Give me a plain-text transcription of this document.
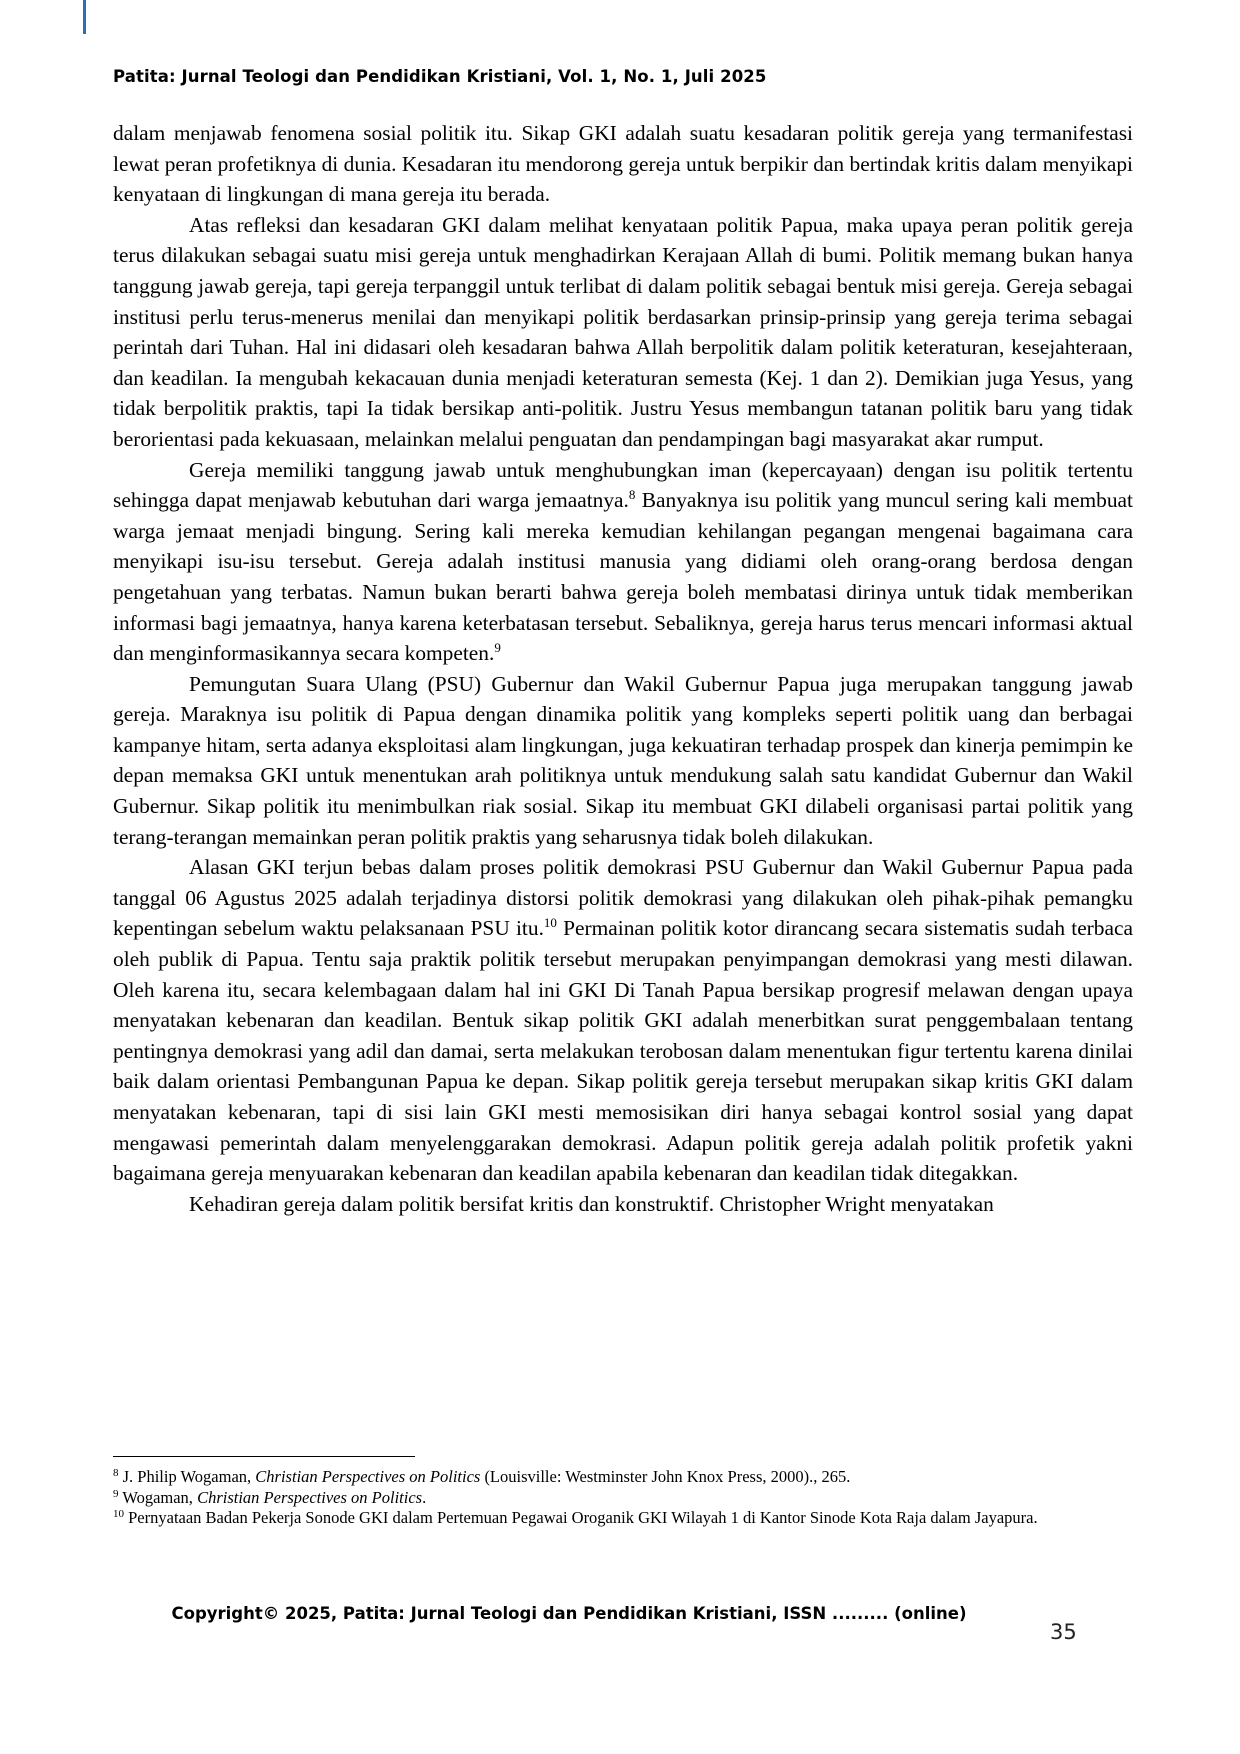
Patita: Jurnal Teologi dan Pendidikan Kristiani, Vol. 1, No. 1, Juli 2025

dalam menjawab fenomena sosial politik itu. Sikap GKI adalah suatu kesadaran politik gereja yang termanifestasi lewat peran profetiknya di dunia. Kesadaran itu mendorong gereja untuk berpikir dan bertindak kritis dalam menyikapi kenyataan di lingkungan di mana gereja itu berada.

Atas refleksi dan kesadaran GKI dalam melihat kenyataan politik Papua, maka upaya peran politik gereja terus dilakukan sebagai suatu misi gereja untuk menghadirkan Kerajaan Allah di bumi. Politik memang bukan hanya tanggung jawab gereja, tapi gereja terpanggil untuk terlibat di dalam politik sebagai bentuk misi gereja. Gereja sebagai institusi perlu terus-menerus menilai dan menyikapi politik berdasarkan prinsip-prinsip yang gereja terima sebagai perintah dari Tuhan. Hal ini didasari oleh kesadaran bahwa Allah berpolitik dalam politik keteraturan, kesejahteraan, dan keadilan. Ia mengubah kekacauan dunia menjadi keteraturan semesta (Kej. 1 dan 2). Demikian juga Yesus, yang tidak berpolitik praktis, tapi Ia tidak bersikap anti-politik. Justru Yesus membangun tatanan politik baru yang tidak berorientasi pada kekuasaan, melainkan melalui penguatan dan pendampingan bagi masyarakat akar rumput.

Gereja memiliki tanggung jawab untuk menghubungkan iman (kepercayaan) dengan isu politik tertentu sehingga dapat menjawab kebutuhan dari warga jemaatnya.$^8$ Banyaknya isu politik yang muncul sering kali membuat warga jemaat menjadi bingung. Sering kali mereka kemudian kehilangan pegangan mengenai bagaimana cara menyikapi isu-isu tersebut. Gereja adalah institusi manusia yang didiami oleh orang-orang berdosa dengan pengetahuan yang terbatas. Namun bukan berarti bahwa gereja boleh membatasi dirinya untuk tidak memberikan informasi bagi jemaatnya, hanya karena keterbatasan tersebut. Sebaliknya, gereja harus terus mencari informasi aktual dan menginformasikannya secara kompeten.$^9$

Pemungutan Suara Ulang (PSU) Gubernur dan Wakil Gubernur Papua juga merupakan tanggung jawab gereja. Maraknya isu politik di Papua dengan dinamika politik yang kompleks seperti politik uang dan berbagai kampanye hitam, serta adanya eksploitasi alam lingkungan, juga kekuatiran terhadap prospek dan kinerja pemimpin ke depan memaksa GKI untuk menentukan arah politiknya untuk mendukung salah satu kandidat Gubernur dan Wakil Gubernur. Sikap politik itu menimbulkan riak sosial. Sikap itu membuat GKI dilabeli organisasi partai politik yang terang-terangan memainkan peran politik praktis yang seharusnya tidak boleh dilakukan.

Alasan GKI terjun bebas dalam proses politik demokrasi PSU Gubernur dan Wakil Gubernur Papua pada tanggal 06 Agustus 2025 adalah terjadinya distorsi politik demokrasi yang dilakukan oleh pihak-pihak pemangku kepentingan sebelum waktu pelaksanaan PSU itu.$^{10}$ Permainan politik kotor dirancang secara sistematis sudah terbaca oleh publik di Papua. Tentu saja praktik politik tersebut merupakan penyimpangan demokrasi yang mesti dilawan. Oleh karena itu, secara kelembagaan dalam hal ini GKI Di Tanah Papua bersikap progresif melawan dengan upaya menyatakan kebenaran dan keadilan. Bentuk sikap politik GKI adalah menerbitkan surat penggembalaan tentang pentingnya demokrasi yang adil dan damai, serta melakukan terobosan dalam menentukan figur tertentu karena dinilai baik dalam orientasi Pembangunan Papua ke depan. Sikap politik gereja tersebut merupakan sikap kritis GKI dalam menyatakan kebenaran, tapi di sisi lain GKI mesti memosisikan diri hanya sebagai kontrol sosial yang dapat mengawasi pemerintah dalam menyelenggarakan demokrasi. Adapun politik gereja adalah politik profetik yakni bagaimana gereja menyuarakan kebenaran dan keadilan apabila kebenaran dan keadilan tidak ditegakkan.

Kehadiran gereja dalam politik bersifat kritis dan konstruktif. Christopher Wright menyatakan

$^8$ J. Philip Wogaman, Christian Perspectives on Politics (Louisville: Westminster John Knox Press, 2000)., 265.

$^9$ Wogaman, Christian Perspectives on Politics.

$^{10}$ Pernyataan Badan Pekerja Sonode GKI dalam Pertemuan Pegawai Oroganik GKI Wilayah 1 di Kantor Sinode Kota Raja dalam Jayapura.

Copyright© 2025, Patita: Jurnal Teologi dan Pendidikan Kristiani, ISSN ......... (online)
35
